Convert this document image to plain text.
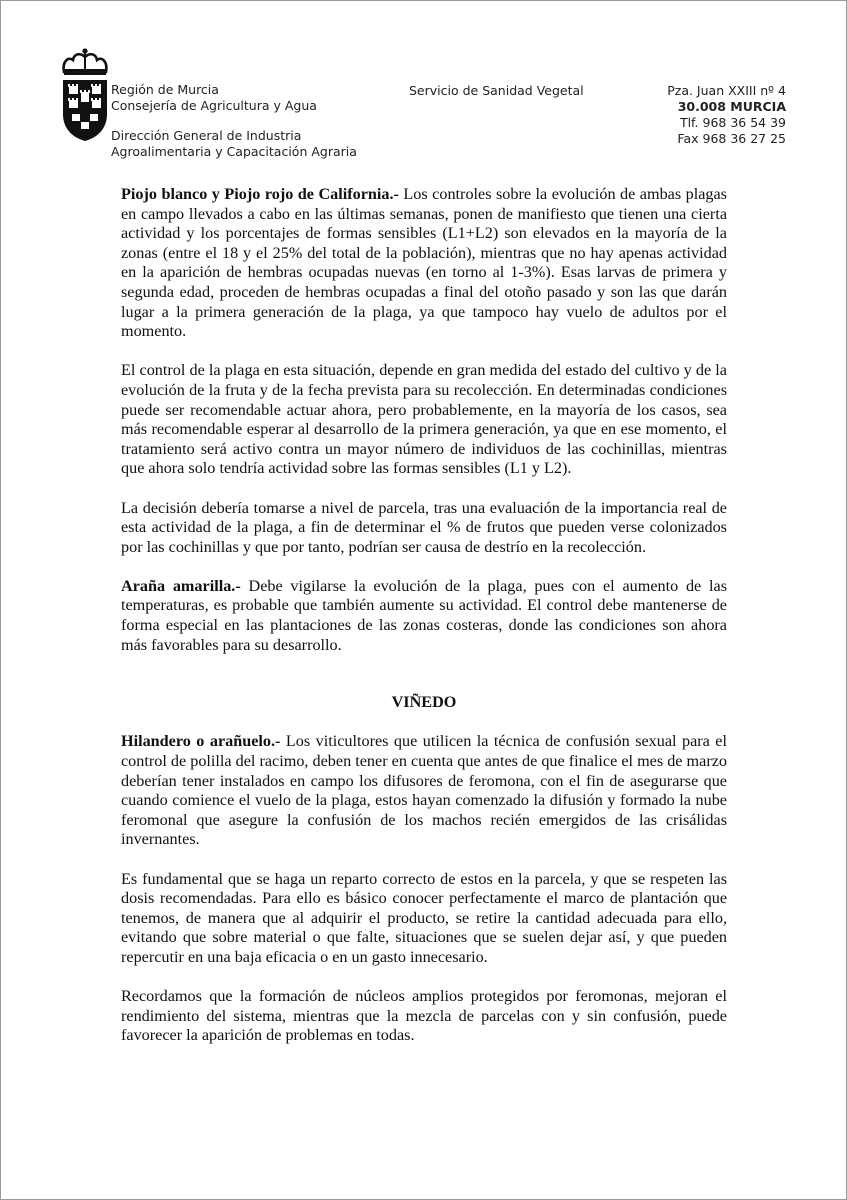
Región de Murcia
Consejería de Agricultura y Agua
Dirección General de Industria
Agroalimentaria y Capacitación Agraria
Servicio de Sanidad Vegetal	Pza. Juan XXIII nº 4
30.008 MURCIA
Tlf. 968 36 54 39
Fax 968 36 27 25

Piojo blanco y Piojo rojo de California.- Los controles sobre la evolución de ambas plagas en campo llevados a cabo en las últimas semanas, ponen de manifiesto que tienen una cierta actividad y los porcentajes de formas sensibles (L1+L2) son elevados en la mayoría de la zonas (entre el 18 y el 25% del total de la población), mientras que no hay apenas actividad en la aparición de hembras ocupadas nuevas (en torno al 1-3%). Esas larvas de primera y segunda edad, proceden de hembras ocupadas a final del otoño pasado y son las que darán lugar a la primera generación de la plaga, ya que tampoco hay vuelo de adultos por el momento.

El control de la plaga en esta situación, depende en gran medida del estado del cultivo y de la evolución de la fruta y de la fecha prevista para su recolección. En determinadas condiciones puede ser recomendable actuar ahora, pero probablemente, en la mayoría de los casos, sea más recomendable esperar al desarrollo de la primera generación, ya que en ese momento, el tratamiento será activo contra un mayor número de individuos de las cochinillas, mientras que ahora solo tendría actividad sobre las formas sensibles (L1 y L2).

La decisión debería tomarse a nivel de parcela, tras una evaluación de la importancia real de esta actividad de la plaga, a fin de determinar el % de frutos que pueden verse colonizados por las cochinillas y que por tanto, podrían ser causa de destrío en la recolección.

Araña amarilla.- Debe vigilarse la evolución de la plaga, pues con el aumento de las temperaturas, es probable que también aumente su actividad. El control debe mantenerse de forma especial en las plantaciones de las zonas costeras, donde las condiciones son ahora más favorables para su desarrollo.

VIÑEDO

Hilandero o arañuelo.- Los viticultores que utilicen la técnica de confusión sexual para el control de polilla del racimo, deben tener en cuenta que antes de que finalice el mes de marzo deberían tener instalados en campo los difusores de feromona, con el fin de asegurarse que cuando comience el vuelo de la plaga, estos hayan comenzado la difusión y formado la nube feromonal que asegure la confusión de los machos recién emergidos de las crisálidas invernantes.

Es fundamental que se haga un reparto correcto de estos en la parcela, y que se respeten las dosis recomendadas. Para ello es básico conocer perfectamente el marco de plantación que tenemos, de manera que al adquirir el producto, se retire la cantidad adecuada para ello, evitando que sobre material o que falte, situaciones que se suelen dejar así, y que pueden repercutir en una baja eficacia o en un gasto innecesario.

Recordamos que la formación de núcleos amplios protegidos por feromonas, mejoran el rendimiento del sistema, mientras que la mezcla de parcelas con y sin confusión, puede favorecer la aparición de problemas en todas.
